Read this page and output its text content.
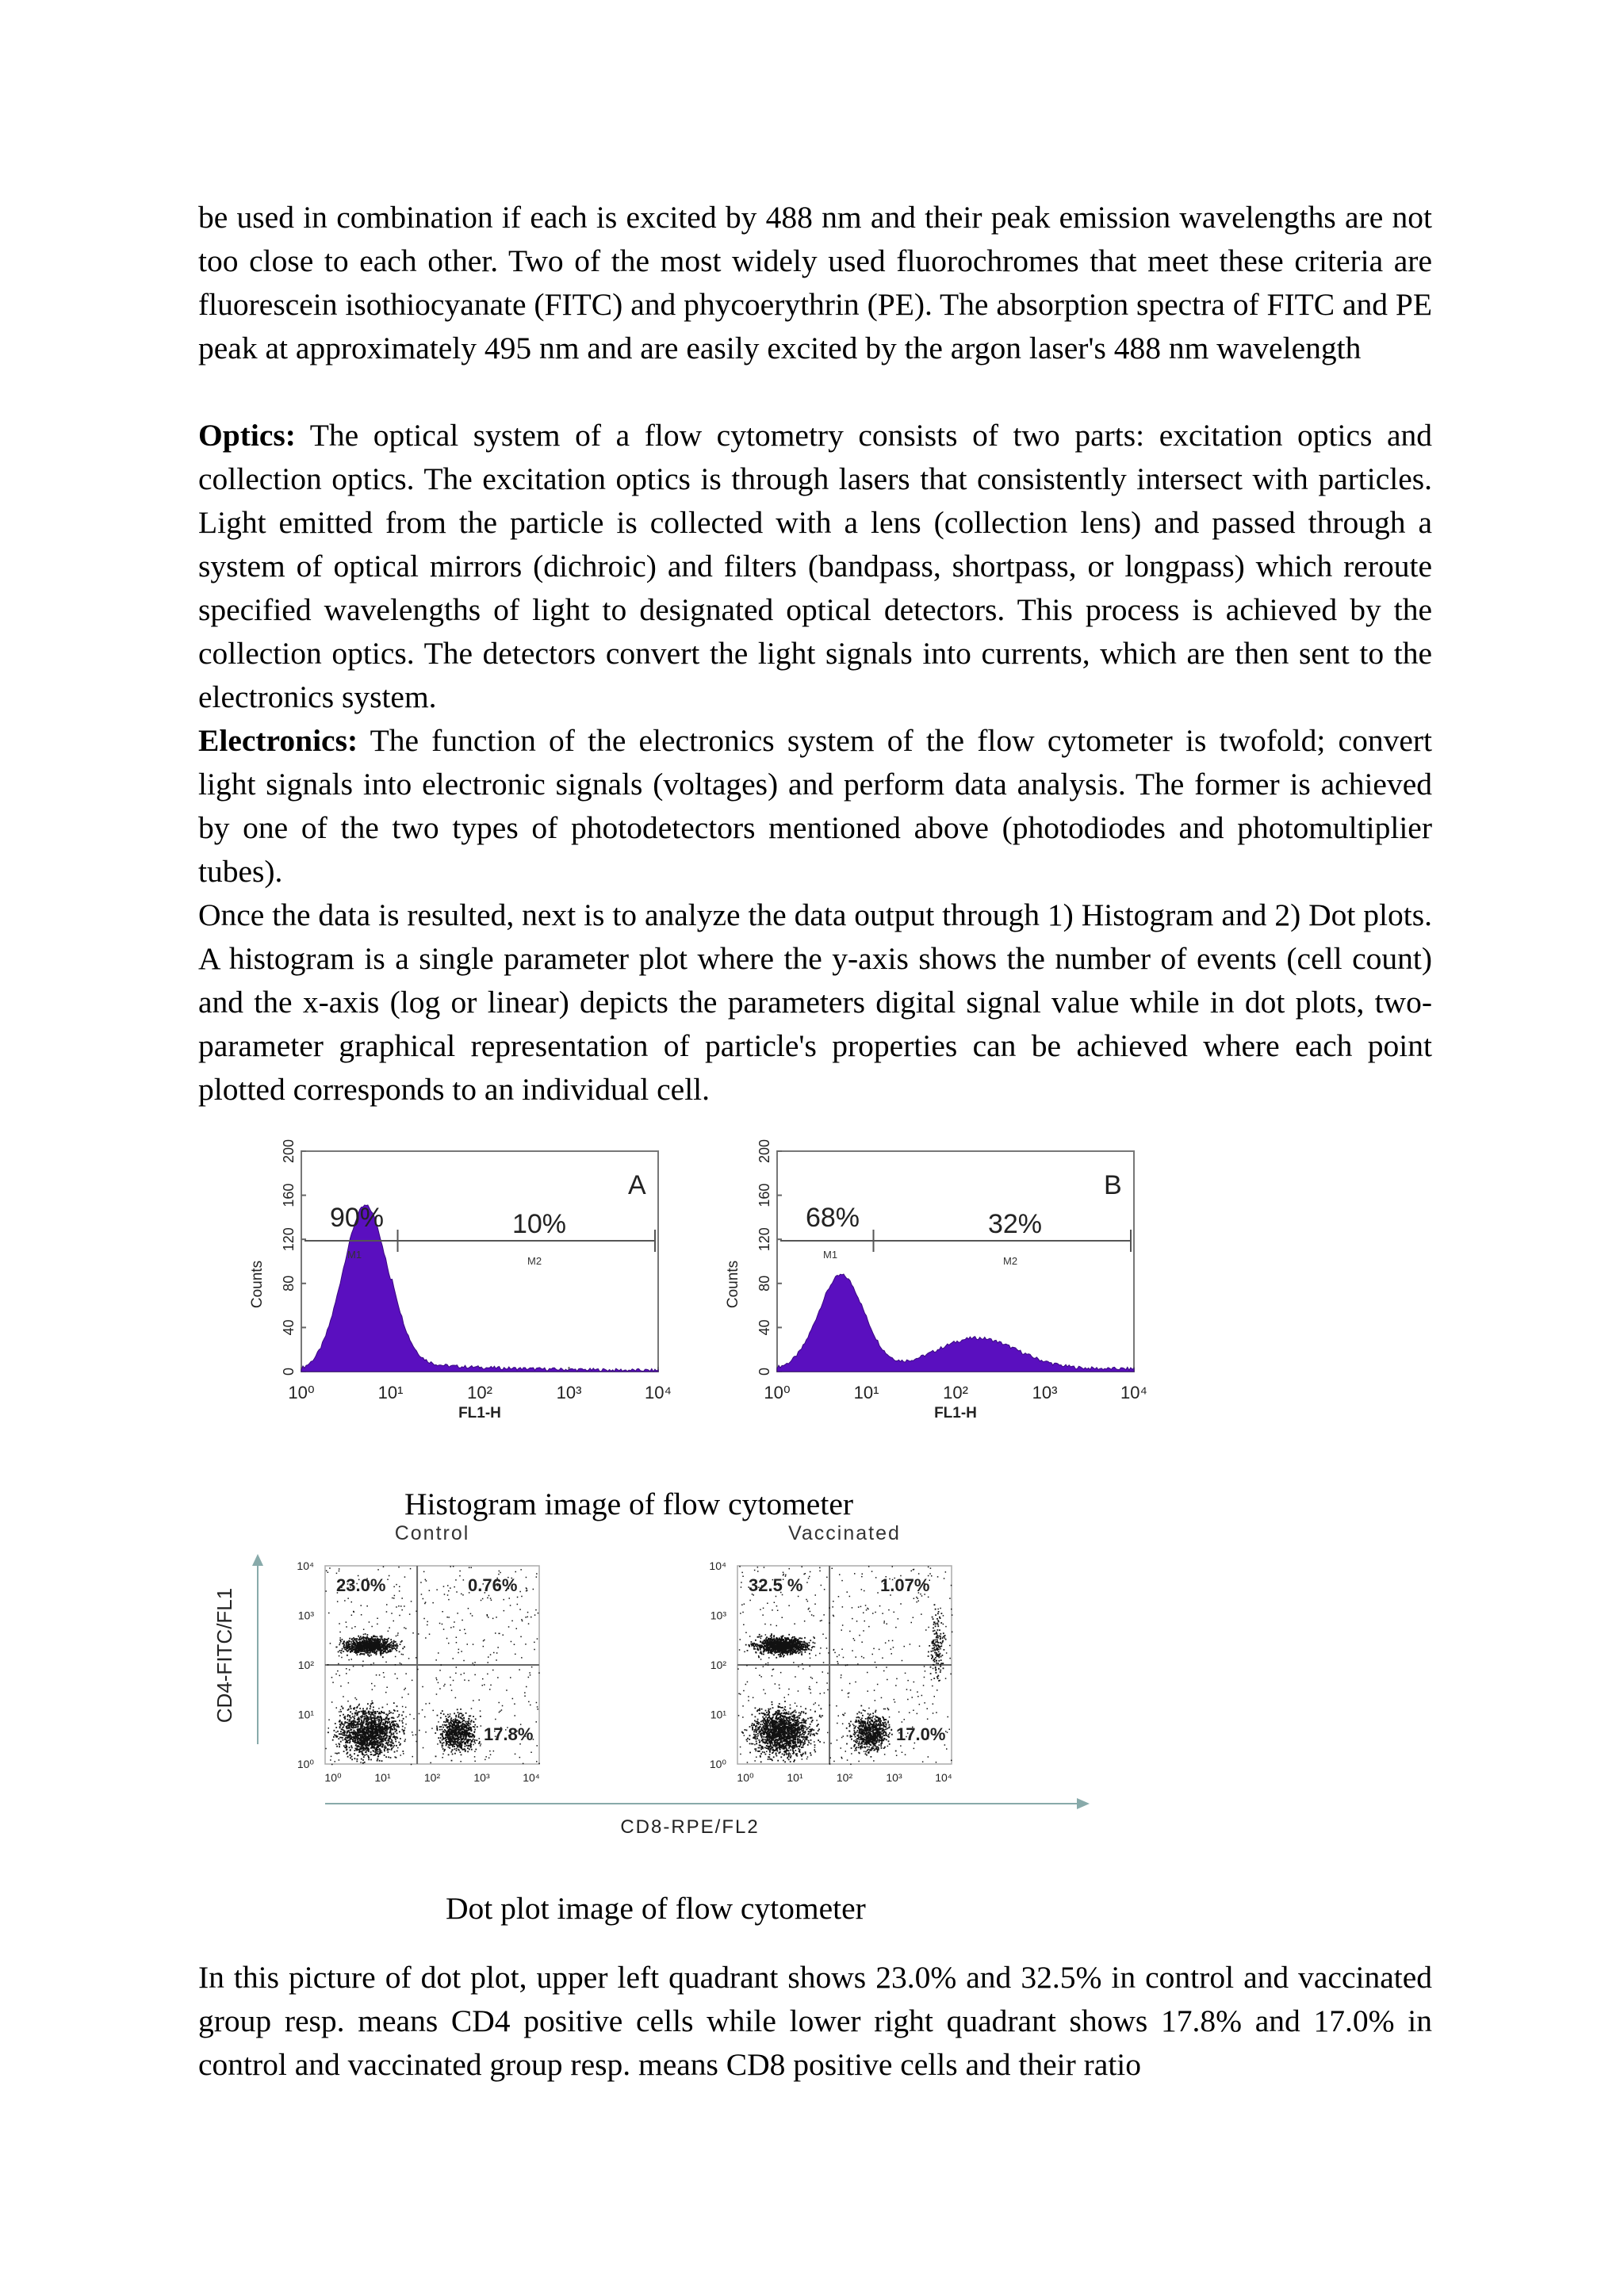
be used in combination if each is excited by 488 nm and their peak emission wavelengths are not too close to each other. Two of the most widely used fluorochromes that meet these criteria are fluorescein isothiocyanate (FITC) and phycoerythrin (PE). The absorption spectra of FITC and PE peak at approximately 495 nm and are easily excited by the argon laser's 488 nm wavelength
Optics: The optical system of a flow cytometry consists of two parts: excitation optics and collection optics. The excitation optics is through lasers that consistently intersect with particles. Light emitted from the particle is collected with a lens (collection lens) and passed through a system of optical mirrors (dichroic) and filters (bandpass, shortpass, or longpass) which reroute specified wavelengths of light to designated optical detectors. This process is achieved by the collection optics. The detectors convert the light signals into currents, which are then sent to the electronics system.
Electronics: The function of the electronics system of the flow cytometer is twofold; convert light signals into electronic signals (voltages) and perform data analysis. The former is achieved by one of the two types of photodetectors mentioned above (photodiodes and photomultiplier tubes).
Once the data is resulted, next is to analyze the data output through 1) Histogram and 2) Dot plots. A histogram is a single parameter plot where the y-axis shows the number of events (cell count) and the x-axis (log or linear) depicts the parameters digital signal value while in dot plots, two-parameter graphical representation of particle's properties can be achieved where each point plotted corresponds to an individual cell.
0
40
80
120
160
200
Counts
10⁰	10¹	10²	10³	10⁴
FL1-H
M1
M2
90%	10%
A
0
40
80
120
160
200
Counts
10⁰	10¹	10²	10³	10⁴
FL1-H
M1
M2
68%	32%
B
Histogram image of flow cytometer
CD4-FITC/FL1
CD8-RPE/FL2
Control
10⁰
10⁰
10¹
10¹
10²
10²
10³
10³
10⁴
10⁴
23.0%	0.76%
17.8%
Vaccinated
10⁰
10⁰
10¹
10¹
10²
10²
10³
10³
10⁴
10⁴
32.5 %	1.07%
17.0%
Dot plot image of flow cytometer
In this picture of dot plot, upper left quadrant shows 23.0% and 32.5% in control and vaccinated group resp. means CD4 positive cells while lower right quadrant shows 17.8% and 17.0% in control and vaccinated group resp. means CD8 positive cells and their ratio
